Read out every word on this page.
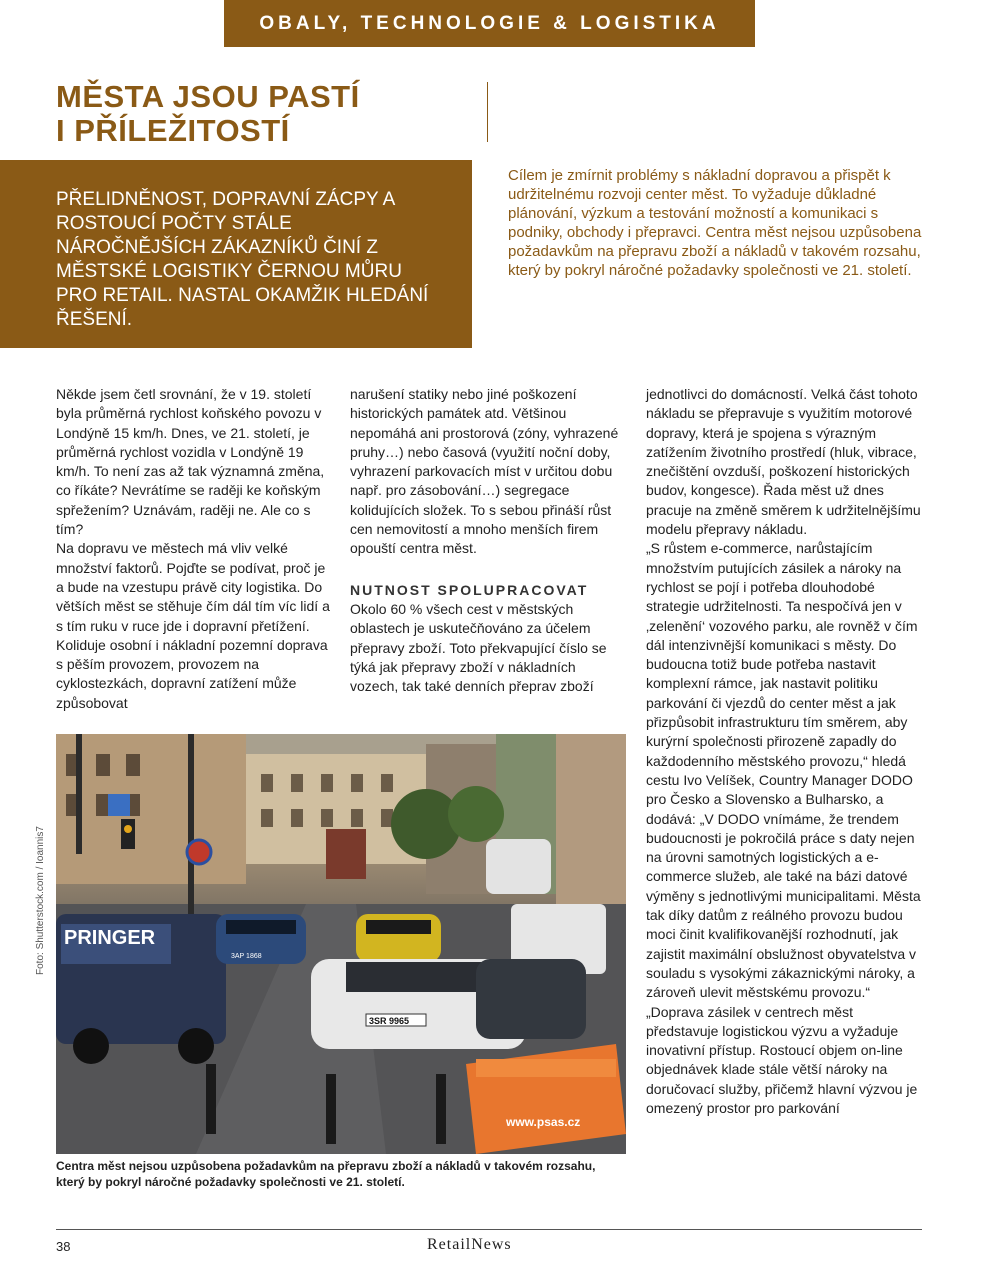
OBALY, TECHNOLOGIE & LOGISTIKA
MĚSTA JSOU PASTÍ
I PŘÍLEŽITOSTÍ
PŘELIDNĚNOST, DOPRAVNÍ ZÁCPY A ROSTOUCÍ POČTY STÁLE NÁROČNĚJŠÍCH ZÁKAZNÍKŮ ČINÍ Z MĚSTSKÉ LOGISTIKY ČERNOU MŮRU PRO RETAIL. NASTAL OKAMŽIK HLEDÁNÍ ŘEŠENÍ.
Cílem je zmírnit problémy s nákladní dopravou a přispět k udržitelnému rozvoji center měst. To vyžaduje důkladné plánování, výzkum a testování možností a komunikaci s podniky, obchody i přepravci. Centra měst nejsou uzpůsobena požadavkům na přepravu zboží a nákladů v takovém rozsahu, který by pokryl náročné požadavky společnosti ve 21. století.

Někde jsem četl srovnání, že v 19. století byla průměrná rychlost koňského povozu v Londýně 15 km/h. Dnes, ve 21. století, je průměrná rychlost vozidla v Londýně 19 km/h. To není zas až tak významná změna, co říkáte? Nevrátíme se raději ke koňským spřežením? Uznávám, raději ne. Ale co s tím?

Na dopravu ve městech má vliv velké množství faktorů. Pojďte se podívat, proč je a bude na vzestupu právě city logistika. Do větších měst se stěhuje čím dál tím víc lidí a s tím ruku v ruce jde i dopravní přetížení. Koliduje osobní i nákladní pozemní doprava s pěším provozem, provozem na cyklostezkách, dopravní zatížení může způsobovat

narušení statiky nebo jiné poškození historických památek atd. Většinou nepomáhá ani prostorová (zóny, vyhrazené pruhy…) nebo časová (využití noční doby, vyhrazení parkovacích míst v určitou dobu např. pro zásobování…) segregace kolidujících složek. To s sebou přináší růst cen nemovitostí a mnoho menších firem opouští centra měst.

NUTNOST SPOLUPRACOVAT

Okolo 60 % všech cest v městských oblastech je uskutečňováno za účelem přepravy zboží. Toto překvapující číslo se týká jak přepravy zboží v nákladních vozech, tak také denních přeprav zboží

jednotlivci do domácností. Velká část tohoto nákladu se přepravuje s využitím motorové dopravy, která je spojena s výrazným zatížením životního prostředí (hluk, vibrace, znečištění ovzduší, poškození historických budov, kongesce). Řada měst už dnes pracuje na změně směrem k udržitelnějšímu modelu přepravy nákladu.

„S růstem e-commerce, narůstajícím množstvím putujících zásilek a nároky na rychlost se pojí i potřeba dlouhodobé strategie udržitelnosti. Ta nespočívá jen v ‚zelenění‘ vozového parku, ale rovněž v čím dál intenzivnější komunikaci s městy. Do budoucna totiž bude potřeba nastavit komplexní rámce, jak nastavit politiku parkování či vjezdů do center měst a jak přizpůsobit infrastrukturu tím směrem, aby kurýrní společnosti přirozeně zapadly do každodenního městského provozu,“ hledá cestu Ivo Velíšek, Country Manager DODO pro Česko a Slovensko a Bulharsko, a dodává: „V DODO vnímáme, že trendem budoucnosti je pokročilá práce s daty nejen na úrovni samotných logistických a e-commerce služeb, ale také na bázi datové výměny s jednotlivými municipalitami. Města tak díky datům z reálného provozu budou moci činit kvalifikovanější rozhodnutí, jak zajistit maximální obslužnost obyvatelstva v souladu s vysokými zákaznickými nároky, a zároveň ulevit městskému provozu.“

„Doprava zásilek v centrech měst představuje logistickou výzvu a vyžaduje inovativní přístup. Rostoucí objem on-line objednávek klade stále větší nároky na doručovací služby, přičemž hlavní výzvou je omezený prostor pro parkování

PRINGER
3AP 1868
3SR 9965
www.psas.cz
Foto: Shutterstock.com / Ioannis7
Centra měst nejsou uzpůsobena požadavkům na přepravu zboží a nákladů v takovém rozsahu, který by pokryl náročné požadavky společnosti ve 21. století.
38	RetailNews
